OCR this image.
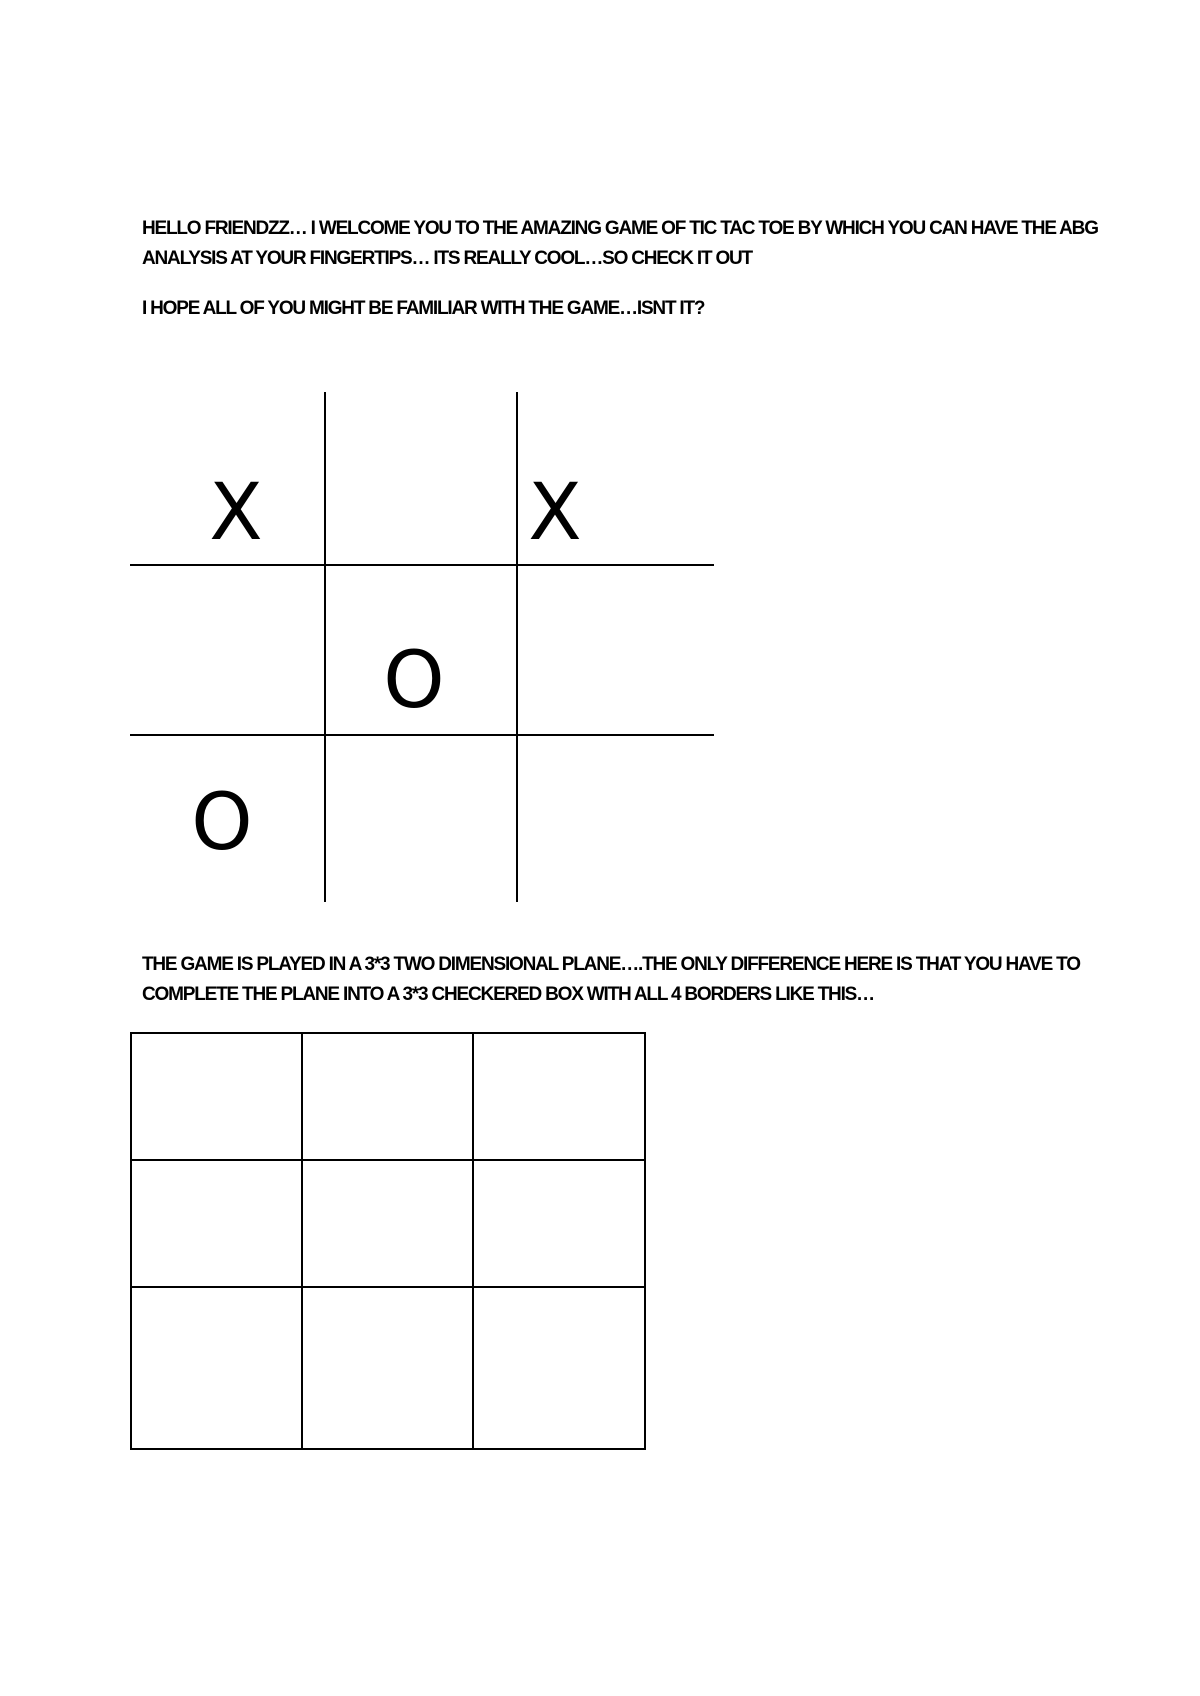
HELLO FRIENDZZ… I WELCOME YOU TO THE AMAZING GAME OF TIC TAC TOE BY WHICH YOU CAN HAVE THE ABG ANALYSIS AT YOUR FINGERTIPS… ITS REALLY COOL…SO CHECK IT OUT

I HOPE ALL OF YOU MIGHT BE FAMILIAR WITH THE GAME…ISNT IT?

X	X
O
O

THE GAME IS PLAYED IN A 3*3 TWO DIMENSIONAL PLANE….THE ONLY DIFFERENCE HERE IS THAT YOU HAVE TO COMPLETE THE PLANE INTO A 3*3 CHECKERED BOX WITH ALL 4 BORDERS LIKE THIS…
